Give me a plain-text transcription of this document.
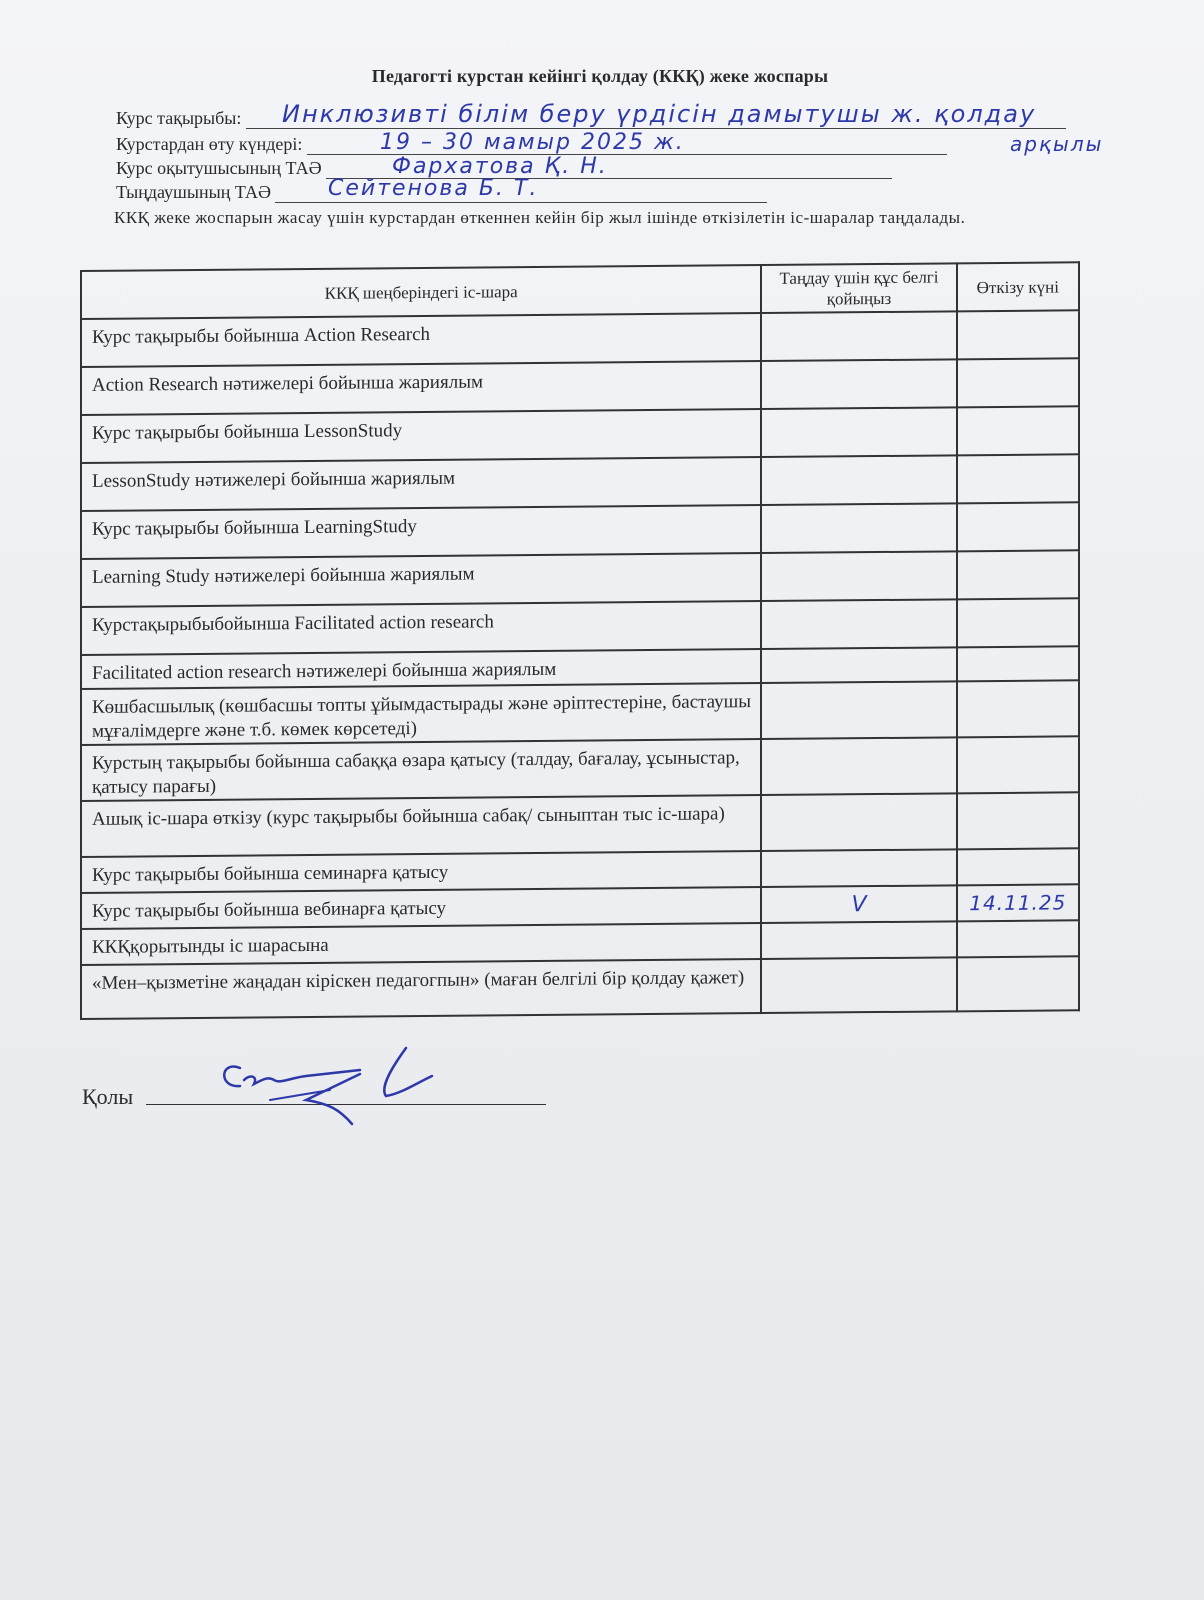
Педагогті курстан кейінгі қолдау (ККҚ) жеке жоспары
Курс тақырыбы:	Инклюзивті білім беру үрдісін дамытушы ж. қолдау
арқылы
Курстардан өту күндері:	19 – 30 мамыр 2025 ж.
Курс оқытушысының ТАӘ	Фархатова Қ. Н.
Тыңдаушының ТАӘ	Сейтенова Б. Т.
ККҚ жеке жоспарын жасау үшін курстардан өткеннен кейін бір жыл ішінде өткізілетін іс-шаралар таңдалады.
ККҚ шеңберіндегі іс-шара	Таңдау үшін құс белгі қойыңыз	Өткізу күні
Курс тақырыбы бойынша Action Research		
Action Research нәтижелері бойынша жариялым		
Курс тақырыбы бойынша LessonStudy		
LessonStudy нәтижелері бойынша жариялым		
Курс тақырыбы бойынша LearningStudy		
Learning Study нәтижелері бойынша жариялым		
Курстақырыбыбойынша Facilitated action research		
Facilitated action research нәтижелері бойынша жариялым		
Көшбасшылық (көшбасшы топты ұйымдастырады және әріптестеріне, бастаушы мұғалімдерге және т.б. көмек көрсетеді)		
Курстың тақырыбы бойынша сабаққа өзара қатысу (талдау, бағалау, ұсыныстар, қатысу парағы)		
Ашық іс-шара өткізу (курс тақырыбы бойынша сабақ/ сыныптан тыс іс-шара)		
Курс тақырыбы бойынша семинарға қатысу		
Курс тақырыбы бойынша вебинарға қатысу	V	14.11.25
ККҚқорытынды іс шарасына		
«Мен–қызметіне жаңадан кіріскен педагогпын» (маған белгілі бір қолдау қажет)		
Қолы
